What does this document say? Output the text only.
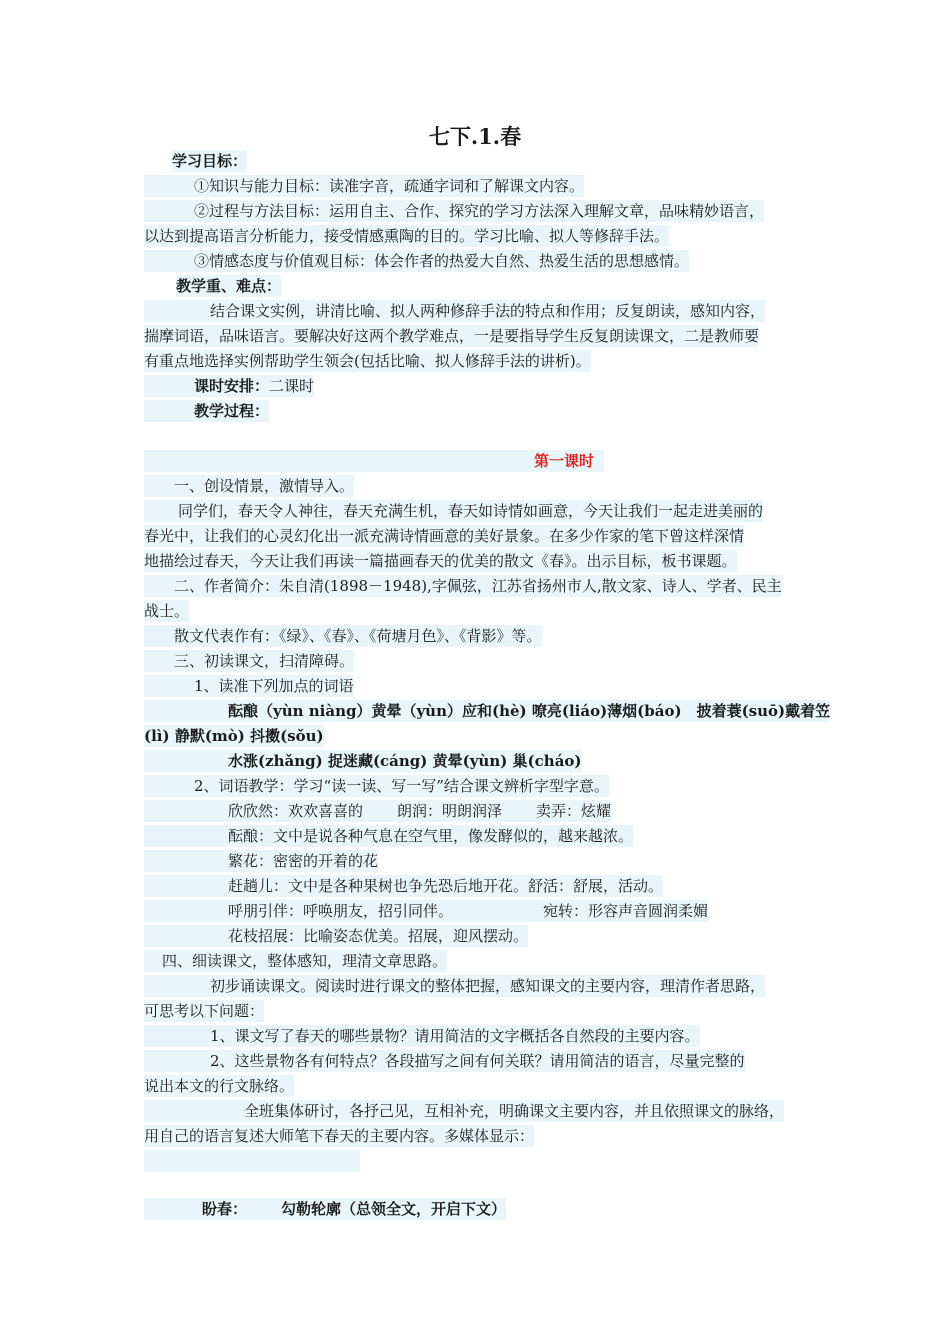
七下.1.春
学习目标：
①知识与能力目标：读准字音，疏通字词和了解课文内容。
②过程与方法目标：运用自主、合作、探究的学习方法深入理解文章，品味精妙语言，
以达到提高语言分析能力，接受情感熏陶的目的。学习比喻、拟人等修辞手法。
③情感态度与价值观目标：体会作者的热爱大自然、热爱生活的思想感情。
教学重、难点：
结合课文实例，讲清比喻、拟人两种修辞手法的特点和作用；反复朗读，感知内容，
揣摩词语，品味语言。要解决好这两个教学难点，一是要指导学生反复朗读课文，二是教师要
有重点地选择实例帮助学生领会(包括比喻、拟人修辞手法的讲析)。
课时安排：二课时
教学过程：
第一课时
一、创设情景，激情导入。
同学们，春天令人神往，春天充满生机，春天如诗情如画意，今天让我们一起走进美丽的
春光中，让我们的心灵幻化出一派充满诗情画意的美好景象。在多少作家的笔下曾这样深情
地描绘过春天，今天让我们再读一篇描画春天的优美的散文《春》。出示目标，板书课题。
二、作者简介：朱自清(1898－1948),字佩弦，江苏省扬州市人,散文家、诗人、学者、民主
战士。
散文代表作有：《绿》、《春》、《荷塘月色》、《背影》等。
三、初读课文，扫清障碍。
1、读准下列加点的词语
酝酿（yùn niàng）黄晕（yùn）应和(hè) 嘹亮(liáo)薄烟(báo)　披着蓑(suō)戴着笠
(lì) 静默(mò) 抖擞(sǒu)
水涨(zhǎng) 捉迷藏(cáng) 黄晕(yùn) 巢(cháo)
2、词语教学：学习“读一读、写一写”结合课文辨析字型字意。
欣欣然：欢欢喜喜的 朗润：明朗润泽 卖弄：炫耀
酝酿：文中是说各种气息在空气里，像发酵似的，越来越浓。
繁花：密密的开着的花
赶趟儿：文中是各种果树也争先恐后地开花。舒活：舒展，活动。
呼朋引伴：呼唤朋友，招引同伴。	宛转：形容声音圆润柔媚
花枝招展：比喻姿态优美。招展，迎风摆动。
四、细读课文，整体感知，理清文章思路。
初步诵读课文。阅读时进行课文的整体把握，感知课文的主要内容，理清作者思路，
可思考以下问题：
1、课文写了春天的哪些景物？请用简洁的文字概括各自然段的主要内容。
2、这些景物各有何特点？各段描写之间有何关联？请用简洁的语言，尽量完整的
说出本文的行文脉络。
全班集体研讨，各抒己见，互相补充，明确课文主要内容，并且依照课文的脉络，
用自己的语言复述大师笔下春天的主要内容。多媒体显示：
盼春： 勾勒轮廓（总领全文，开启下文）
